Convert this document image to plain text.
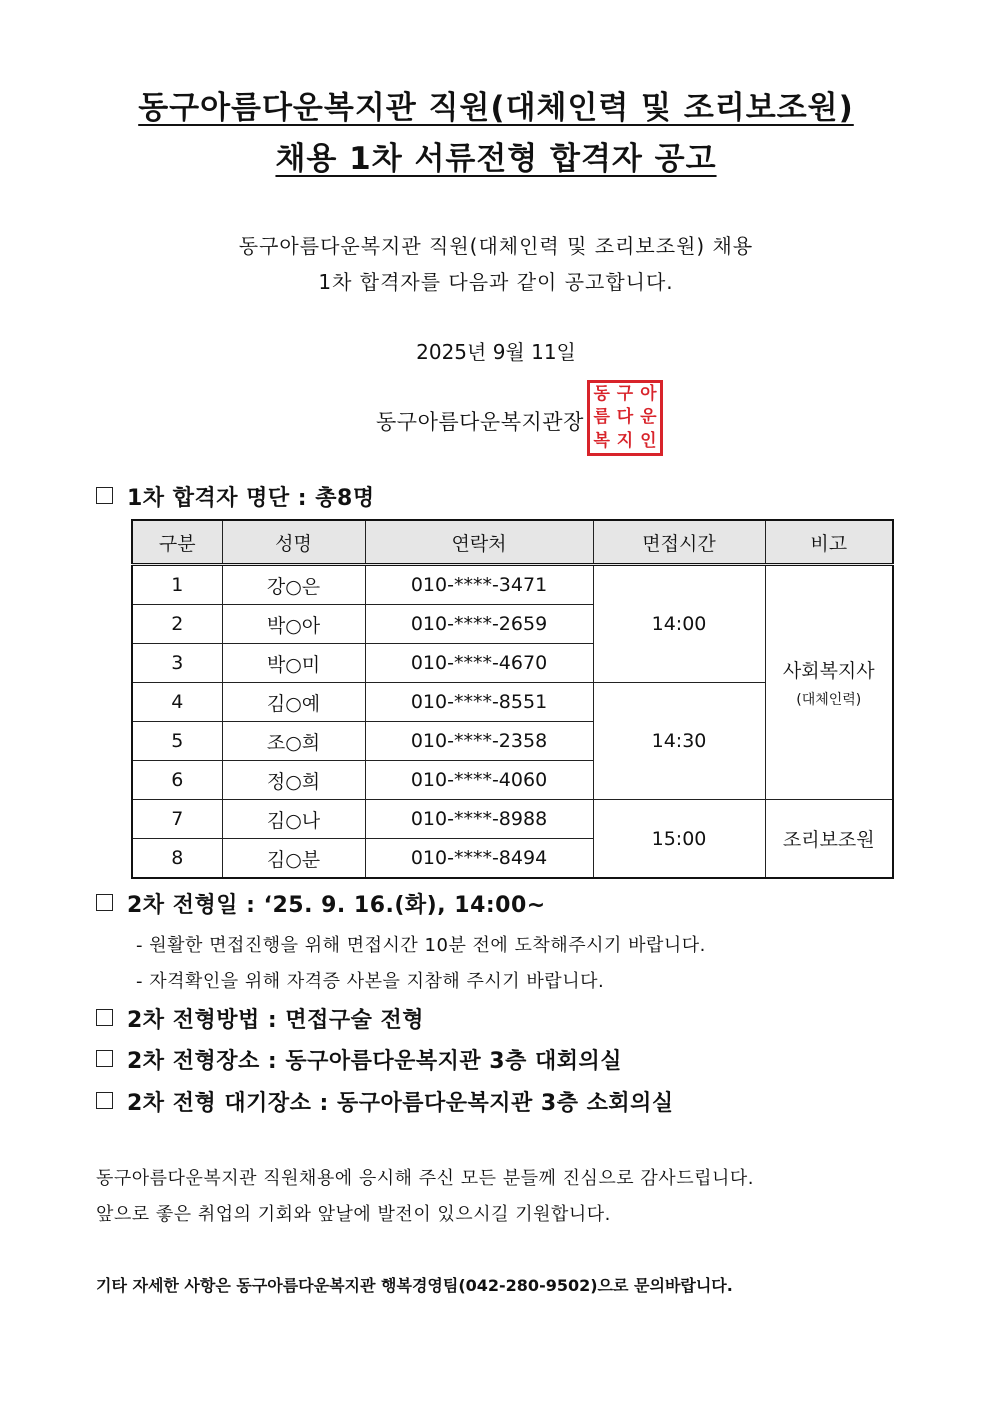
동구아름다운복지관 직원(대체인력 및 조리보조원)
채용 1차 서류전형 합격자 공고
동구아름다운복지관 직원(대체인력 및 조리보조원) 채용
1차 합격자를 다음과 같이 공고합니다.
2025년 9월 11일
동구아름다운복지관장
동 구 아
름 다 운
복 지 인
1차 합격자 명단 : 총8명
구분	성명	연락처	면접시간	비고
1	강○은	010-****-3471	14:00	사회복지사
(대체인력)

2	박○아	010-****-2659		
3	박○미	010-****-4670		
4	김○예	010-****-8551	14:30	
5	조○희	010-****-2358		
6	정○희	010-****-4060		
7	김○나	010-****-8988	15:00	조리보조원

8	김○분	010-****-8494		
2차 전형일 : ‘25. 9. 16.(화), 14:00~
- 원활한 면접진행을 위해 면접시간 10분 전에 도착해주시기 바랍니다.
- 자격확인을 위해 자격증 사본을 지참해 주시기 바랍니다.
2차 전형방법 : 면접구술 전형
2차 전형장소 : 동구아름다운복지관 3층 대회의실
2차 전형 대기장소 : 동구아름다운복지관 3층 소회의실
동구아름다운복지관 직원채용에 응시해 주신 모든 분들께 진심으로 감사드립니다.
앞으로 좋은 취업의 기회와 앞날에 발전이 있으시길 기원합니다.
기타 자세한 사항은 동구아름다운복지관 행복경영팀(042-280-9502)으로 문의바랍니다.
